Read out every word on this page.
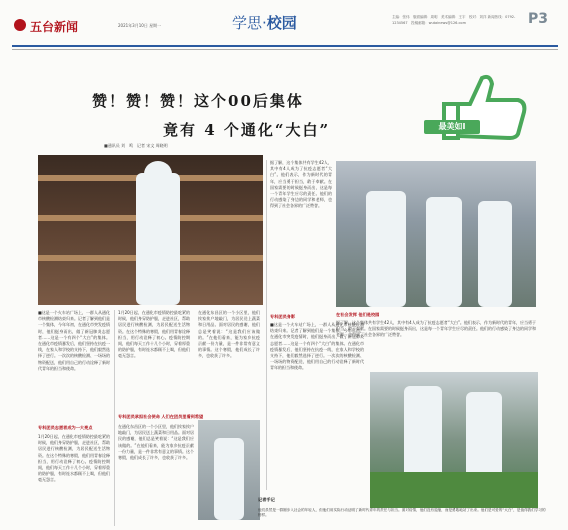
五台新闻	2021年3月10日 星期一	学思·校园	主编：张伟　版面编辑：周明　美术编辑：王宇　校对：刘洋 新闻热线：0792-1234567　投稿邮箱：wutainews@126.com	P3
最美如I
赞！赞！赞！这个00后集体
竟有 4 个通化“大白”
■通讯员 刘　鸣　记者 宋文 周晓明
■这是一个火车站广场上，一群人从通化市核酸检测结束归来。记者了解到他们是一个集体，今年年初，在通化市突发疫情时，他们挺身而出，做了新冠肺炎志愿者……这是一个有四个“大白”的集体。在通化市疫情暴发后，他们坚持在抗疫一线，在家人和学校的支持下，他们毅然选择了逆行。一次次的核酸检测、一场场的物资配送，他们用自己的行动诠释了新时代青年的担当和使命。
专科团员志愿者成为一大亮点
1月20日起，在通化市疫情防控最吃紧的时候，他们身穿防护服，走进社区，帮助居民进行核酸检测，为居民配送生活物资。在这个特殊的寒假，他们用青春诠释担当，用行动诠释了初心。疫情防控期间，他们每天工作十几个小时，穿着厚重的防护服，有时连水都顾不上喝，但他们毫无怨言。
1月20日起，在通化市疫情防控最吃紧的时候，他们身穿防护服，走进社区，帮助居民进行核酸检测，为居民配送生活物资。在这个特殊的寒假，他们用青春诠释担当，用行动诠释了初心。疫情防控期间，他们每天工作十几个小时，穿着厚重的防护服，有时连水都顾不上喝，但他们毫无怨言。
专科团员承担社会使命 人们在团员里看到希望
在通化东昌区的一个小区里，他们挨家挨户地敲门，为居民送上蔬菜和日用品。面对居民的感谢，他们总是笑着说：“这是我们应该做的。”在他们看来，能为家乡抗疫贡献一份力量，是一件非常有意义的事情。这个寒假，他们成长了许多，也收获了许多。
在通化东昌区的一个小区里，他们挨家挨户地敲门，为居民送上蔬菜和日用品。面对居民的感谢，他们总是笑着说：“这是我们应该做的。”在他们看来，能为家乡抗疫贡献一份力量，是一件非常有意义的事情。这个寒假，他们成长了许多，也收获了许多。
据了解，这个集体共有学生42人，其中有4人成为了抗疫志愿者“大白”。他们表示，作为新时代的青年，应当勇于担当，敢于奉献。在国家需要的时候挺身而出，这是每一个青年学生应尽的责任。他们的行动感染了身边的同学和老师，也得到了社会各界的广泛赞誉。
专科团员身影
■这是一个火车站广场上，一群人从通化市核酸检测结束归来。记者了解到他们是一个集体，今年年初，在通化市突发疫情时，他们挺身而出，做了新冠肺炎志愿者……这是一个有四个“大白”的集体。在通化市疫情暴发后，他们坚持在抗疫一线，在家人和学校的支持下，他们毅然选择了逆行。一次次的核酸检测、一场场的物资配送，他们用自己的行动诠释了新时代青年的担当和使命。
在社会发挥 他们是校园
据了解，这个集体共有学生42人，其中有4人成为了抗疫志愿者“大白”。他们表示，作为新时代的青年，应当勇于担当，敢于奉献。在国家需要的时候挺身而出，这是每一个青年学生应尽的责任。他们的行动感染了身边的同学和老师，也得到了社会各界的广泛赞誉。
记者手记
他们虽然是一群刚步入社会的年轻人，但他们用实际行动证明了新时代青年的责任与担当。面对疫情，他们没有退缩，而是勇敢地站了出来。他们是可爱的“大白”，是值得我们学习的榜样。
